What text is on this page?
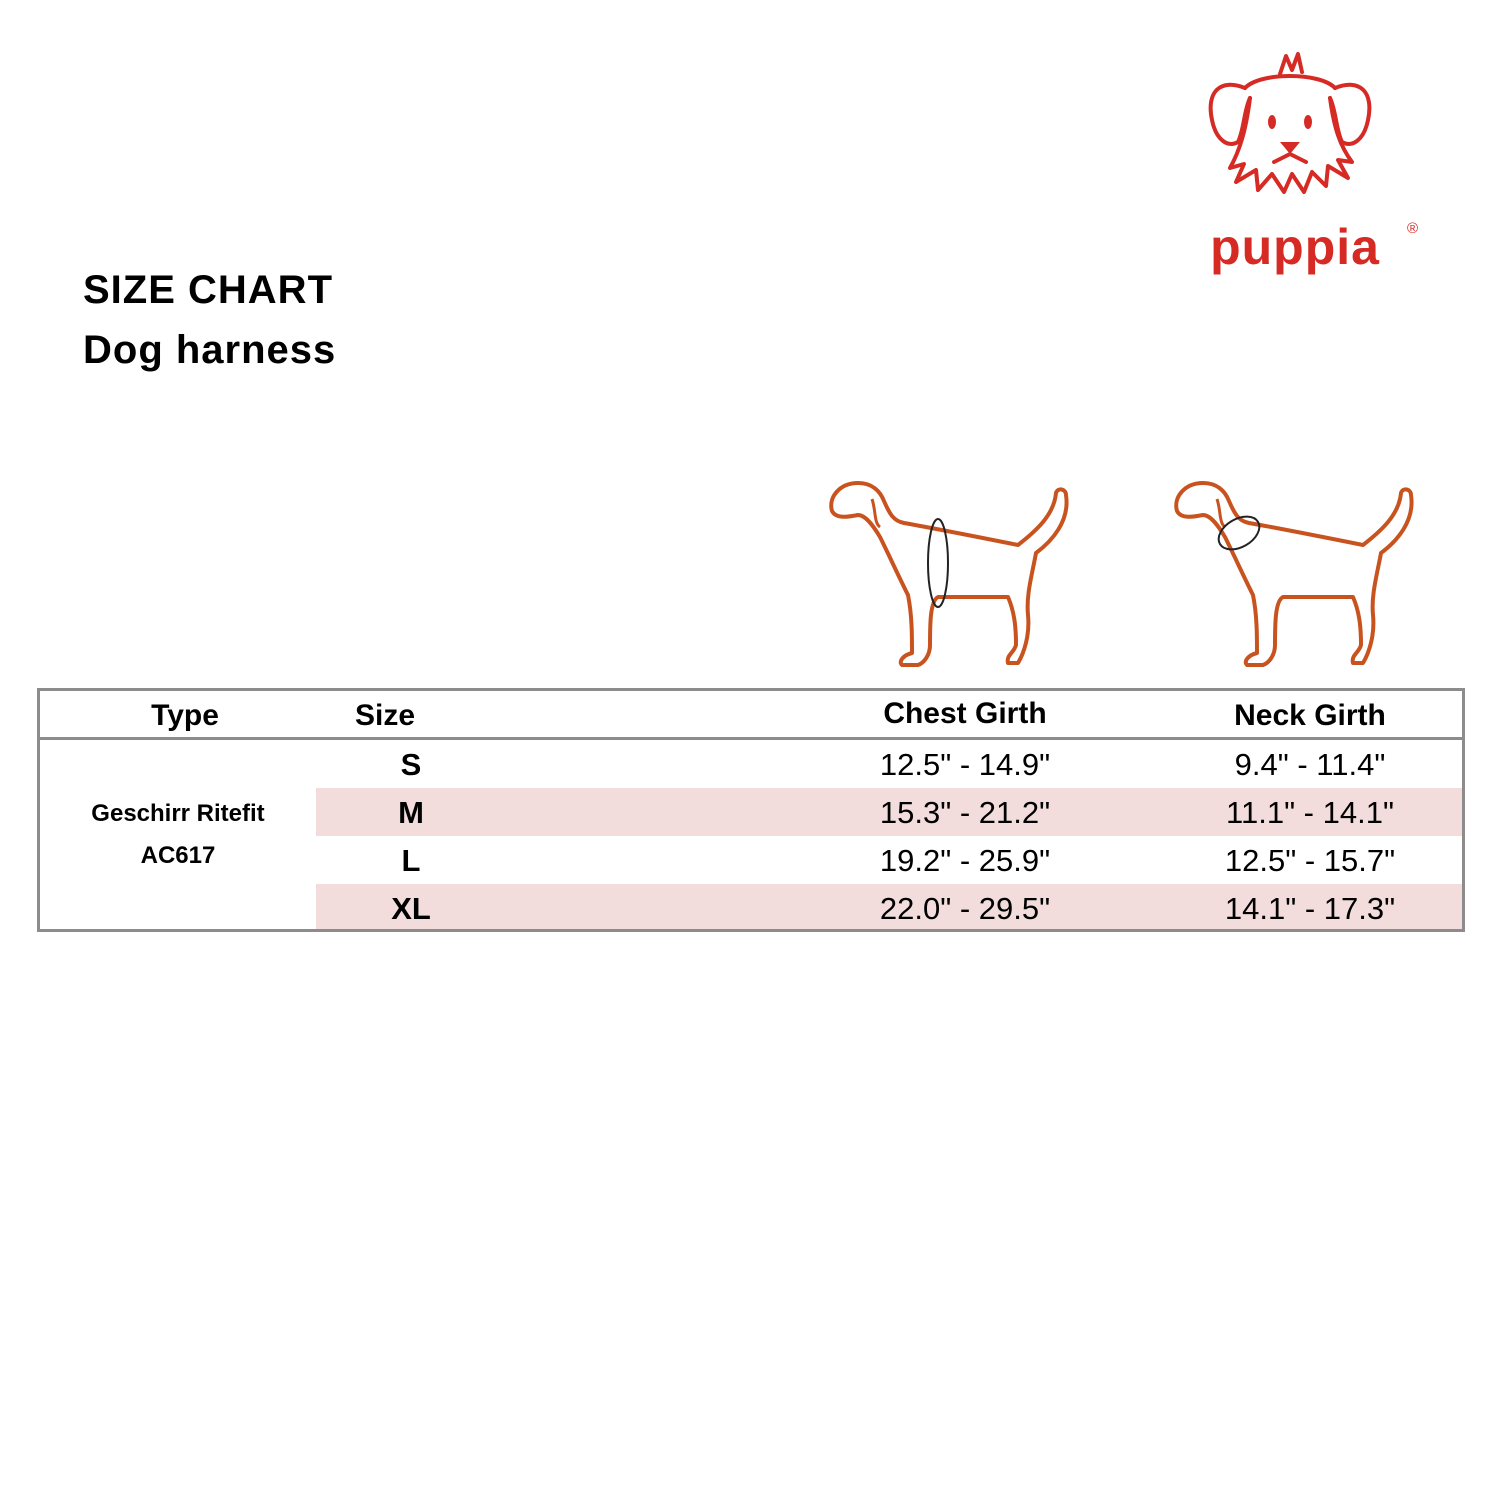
puppia	®
SIZE CHART
Dog harness
Type	Size	Chest Girth	Neck Girth
Geschirr Ritefit
AC617
S	12.5" - 14.9"	9.4" - 11.4"
M	15.3" - 21.2"	11.1" - 14.1"
L	19.2" - 25.9"	12.5" - 15.7"
XL	22.0" - 29.5"	14.1" - 17.3"
